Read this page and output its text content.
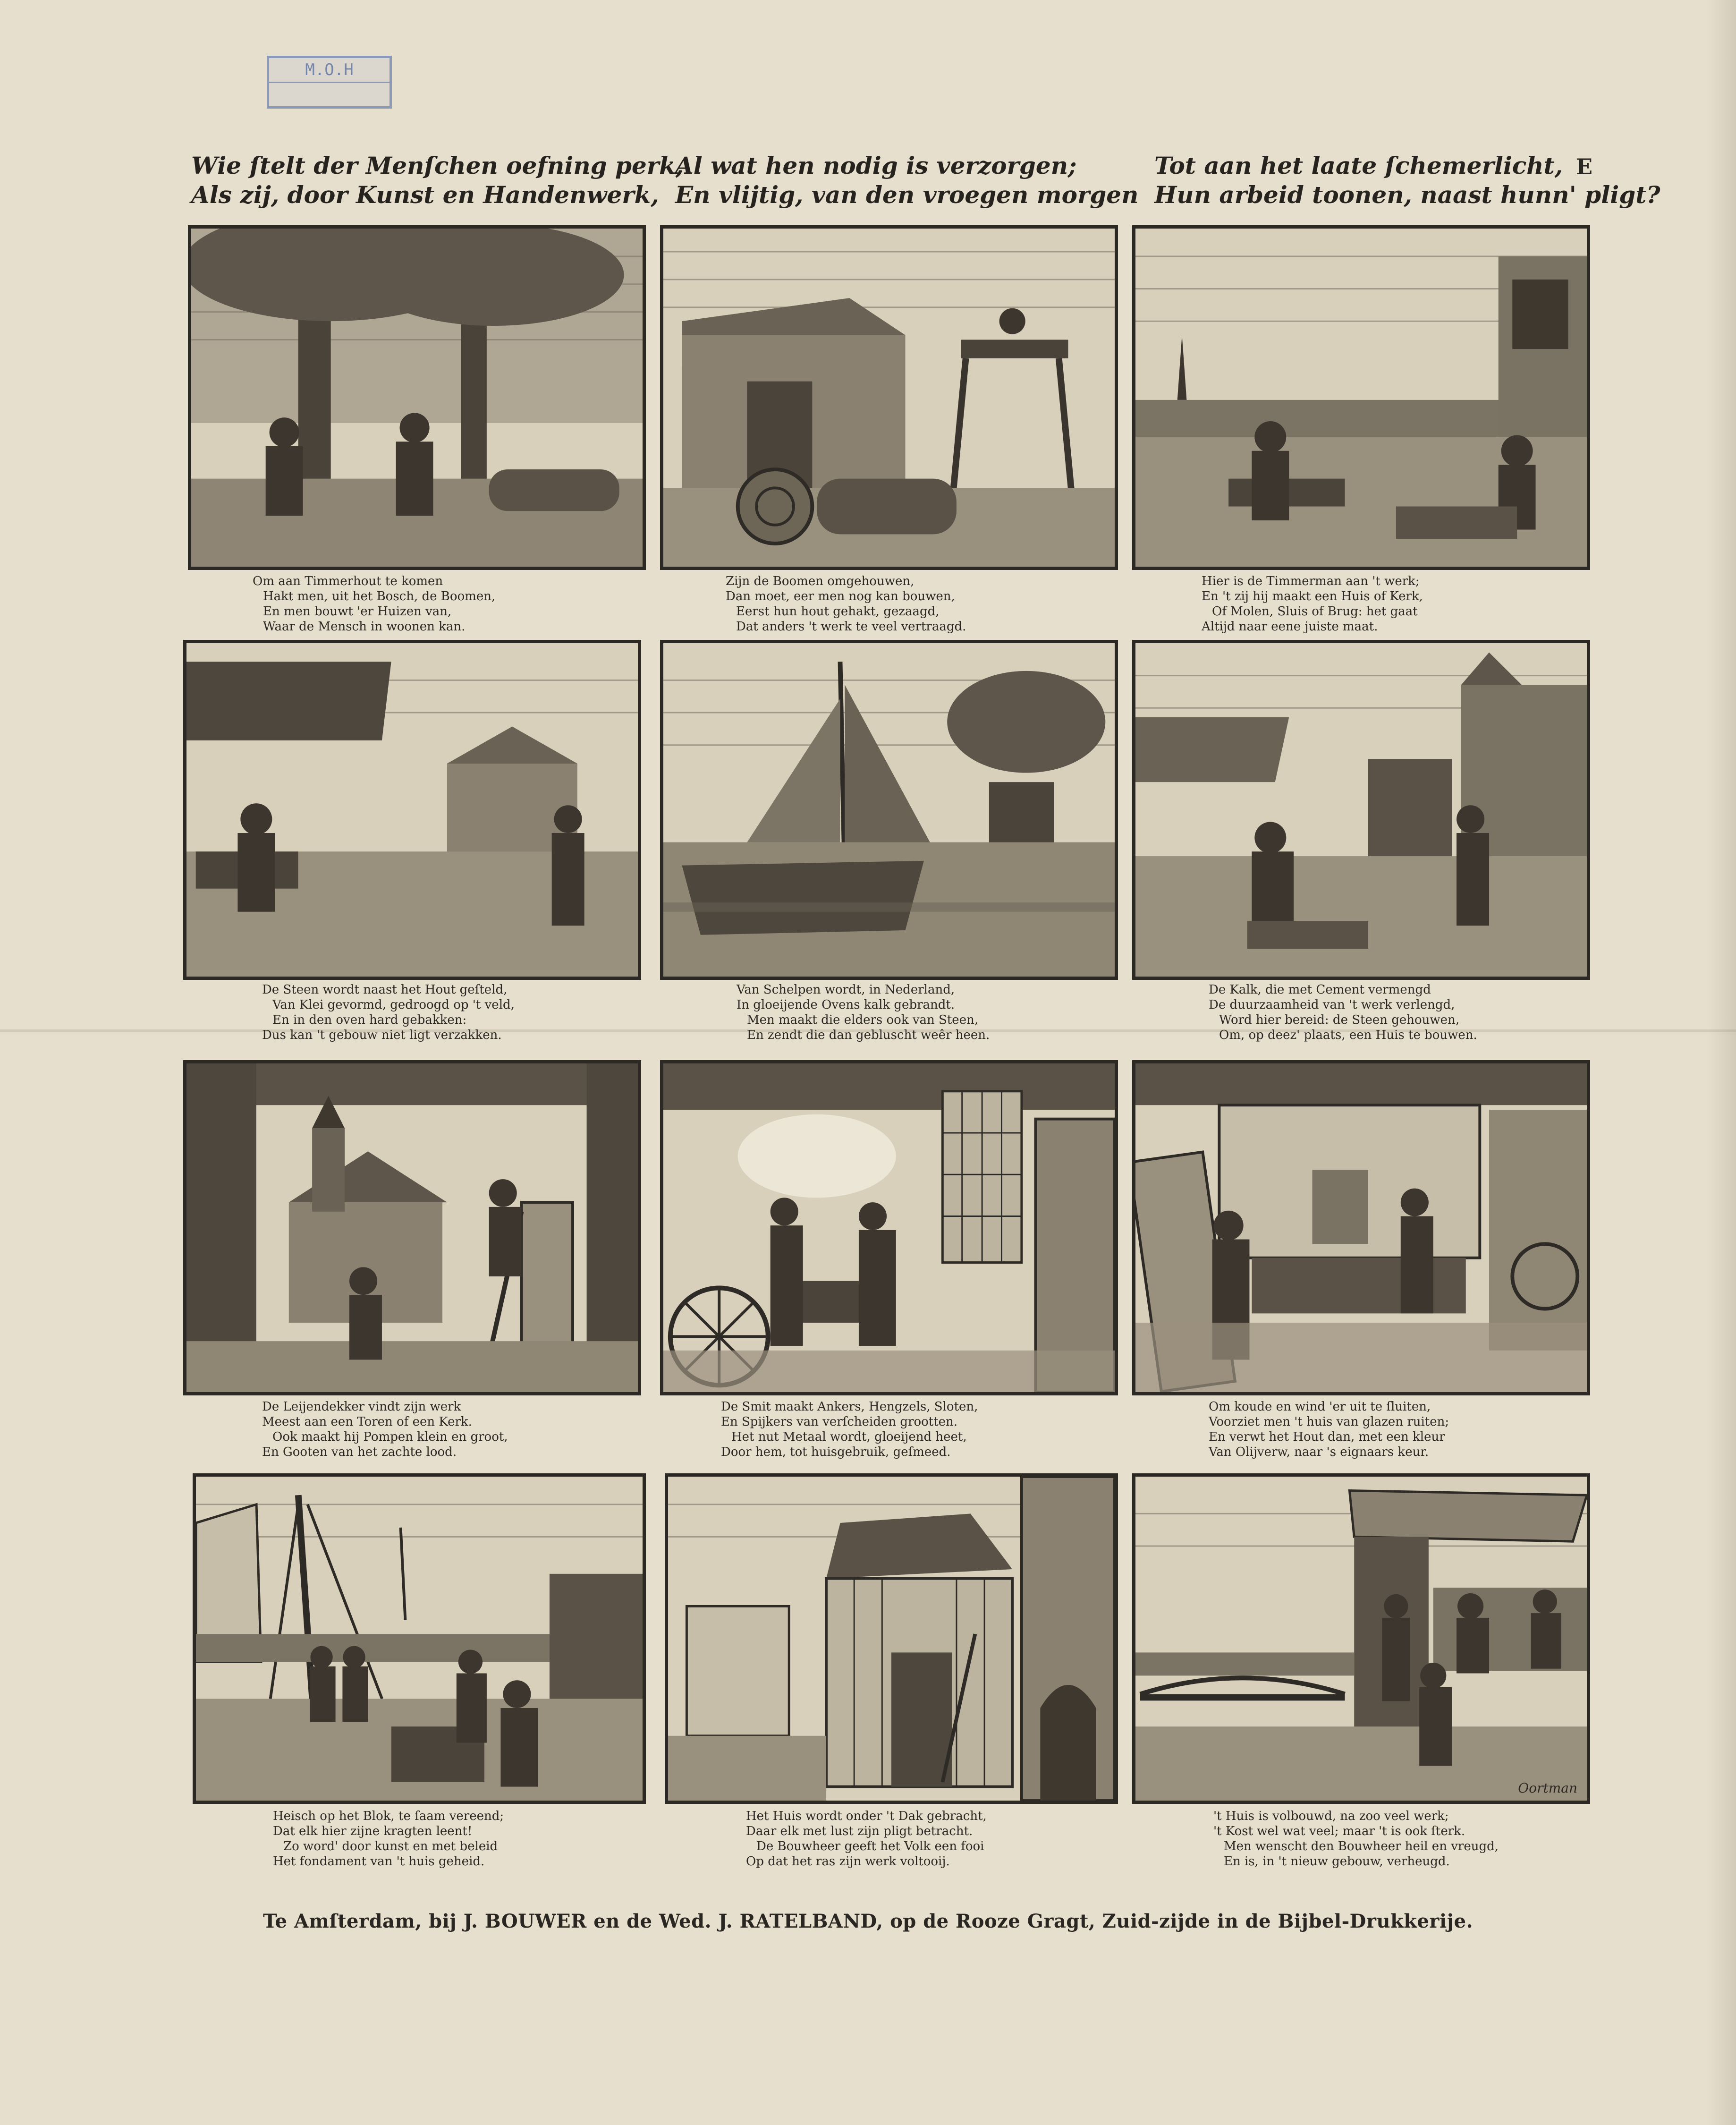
M.O.H
Wie ſtelt der Menſchen oefning perk,
Als zij, door Kunst en Handenwerk,
Al wat hen nodig is verzorgen;
En vlijtig, van den vroegen morgen
Tot aan het laate ſchemerlicht,
Hun arbeid toonen, naast hunn' pligt?
E
Om aan Timmerhout te komen
Hakt men, uit het Bosch, de Boomen,
En men bouwt 'er Huizen van,
Waar de Mensch in woonen kan.
Zijn de Boomen omgehouwen,
Dan moet, eer men nog kan bouwen,
Eerst hun hout gehakt, gezaagd,
Dat anders 't werk te veel vertraagd.
Hier is de Timmerman aan 't werk;
En 't zij hij maakt een Huis of Kerk,
Of Molen, Sluis of Brug: het gaat
Altijd naar eene juiste maat.
De Steen wordt naast het Hout geſteld,
Van Klei gevormd, gedroogd op 't veld,
En in den oven hard gebakken:
Dus kan 't gebouw niet ligt verzakken.
Van Schelpen wordt, in Nederland,
In gloeijende Ovens kalk gebrandt.
Men maakt die elders ook van Steen,
En zendt die dan gebluscht weêr heen.
De Kalk, die met Cement vermengd
De duurzaamheid van 't werk verlengd,
Word hier bereid: de Steen gehouwen,
Om, op deez' plaats, een Huis te bouwen.
De Leijendekker vindt zijn werk
Meest aan een Toren of een Kerk.
Ook maakt hij Pompen klein en groot,
En Gooten van het zachte lood.
De Smit maakt Ankers, Hengzels, Sloten,
En Spijkers van verſcheiden grootten.
Het nut Metaal wordt, gloeijend heet,
Door hem, tot huisgebruik, geſmeed.
Om koude en wind 'er uit te ſluiten,
Voorziet men 't huis van glazen ruiten;
En verwt het Hout dan, met een kleur
Van Olijverw, naar 's eignaars keur.
Oortman
Heisch op het Blok, te ſaam vereend;
Dat elk hier zijne kragten leent!
Zo word' door kunst en met beleid
Het fondament van 't huis geheid.
Het Huis wordt onder 't Dak gebracht,
Daar elk met lust zijn pligt betracht.
De Bouwheer geeft het Volk een fooi
Op dat het ras zijn werk voltooij.
't Huis is volbouwd, na zoo veel werk;
't Kost wel wat veel; maar 't is ook ſterk.
Men wenscht den Bouwheer heil en vreugd,
En is, in 't nieuw gebouw, verheugd.
Te Amſterdam, bij J. BOUWER en de Wed. J. RATELBAND, op de Rooze Gragt, Zuid-zijde in de Bijbel-Drukkerije.
